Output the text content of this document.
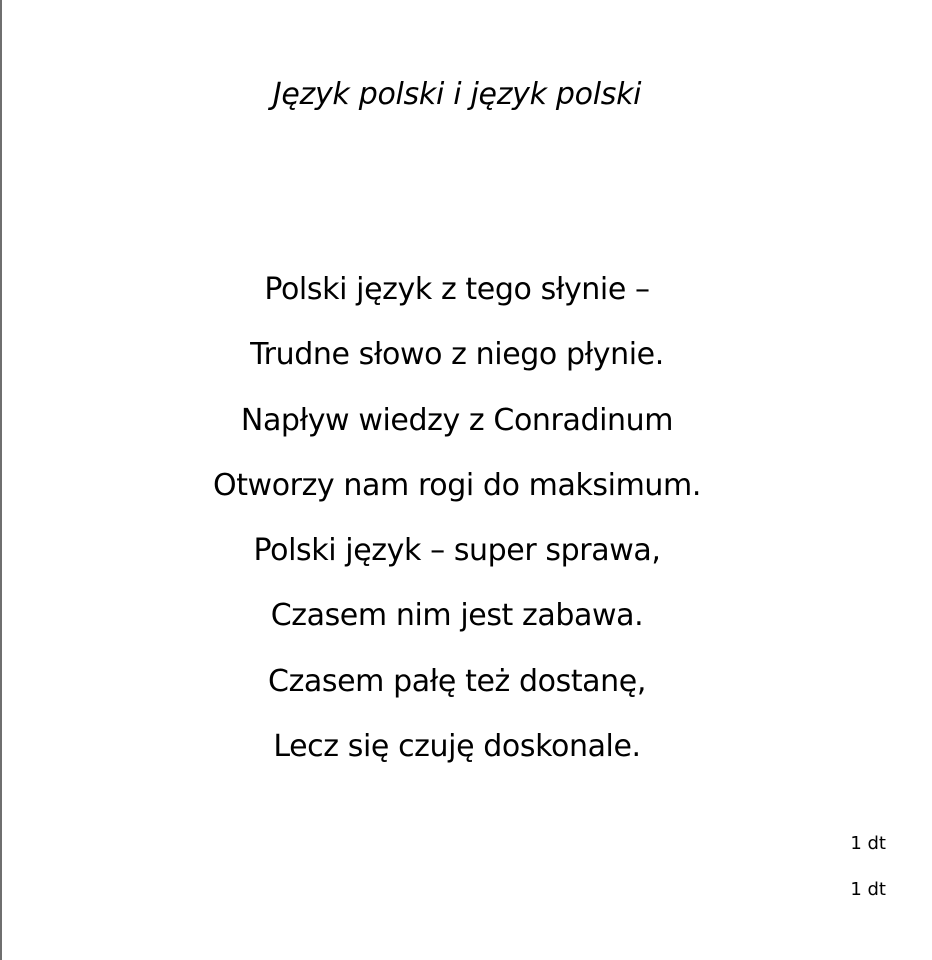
Język polski i język polski
Polski język z tego słynie –
Trudne słowo z niego płynie.
Napływ wiedzy z Conradinum
Otworzy nam rogi do maksimum.
Polski język – super sprawa,
Czasem nim jest zabawa.
Czasem pałę też dostanę,
Lecz się czuję doskonale.
1 dt
1 dt
